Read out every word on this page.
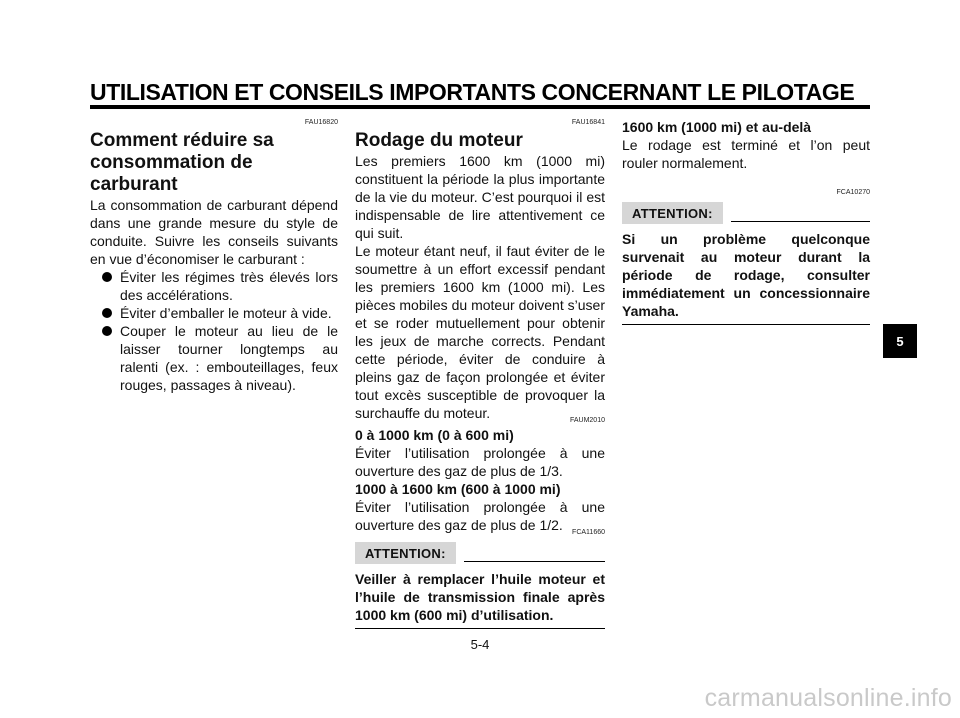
UTILISATION ET CONSEILS IMPORTANTS CONCERNANT LE PILOTAGE
FAU16820
Comment réduire sa
consommation de carburant

La consommation de carburant dépend dans une grande mesure du style de conduite. Suivre les conseils suivants en vue d’économiser le carburant :

Éviter les régimes très élevés lors des accélérations.
Éviter d’emballer le moteur à vide.
Couper le moteur au lieu de le laisser tourner longtemps au ralenti (ex. : embouteillages, feux rouges, passages à niveau).
FAU16841
Rodage du moteur

Les premiers 1600 km (1000 mi) constituent la période la plus importante de la vie du moteur. C’est pourquoi il est indispensable de lire attentivement ce qui suit.

Le moteur étant neuf, il faut éviter de le soumettre à un effort excessif pendant les premiers 1600 km (1000 mi). Les pièces mobiles du moteur doivent s’user et se roder mutuellement pour obtenir les jeux de marche corrects. Pendant cette période, éviter de conduire à pleins gaz de façon prolongée et éviter tout excès susceptible de provoquer la surchauffe du moteur.	FAUM2010
0 à 1000 km (0 à 600 mi)

Éviter l’utilisation prolongée à une ouverture des gaz de plus de 1/3.

1000 à 1600 km (600 à 1000 mi)

Éviter l’utilisation prolongée à une ouverture des gaz de plus de 1/2.	FCA11660
ATTENTION:
Veiller à remplacer l’huile moteur et l’huile de transmission finale après 1000 km (600 mi) d’utilisation.
1600 km (1000 mi) et au-delà

Le rodage est terminé et l’on peut rouler normalement.

FCA10270
ATTENTION:
Si un problème quelconque survenait au moteur durant la période de rodage, consulter immédiatement un concessionnaire Yamaha.
5
5-4
carmanualsonline.info
